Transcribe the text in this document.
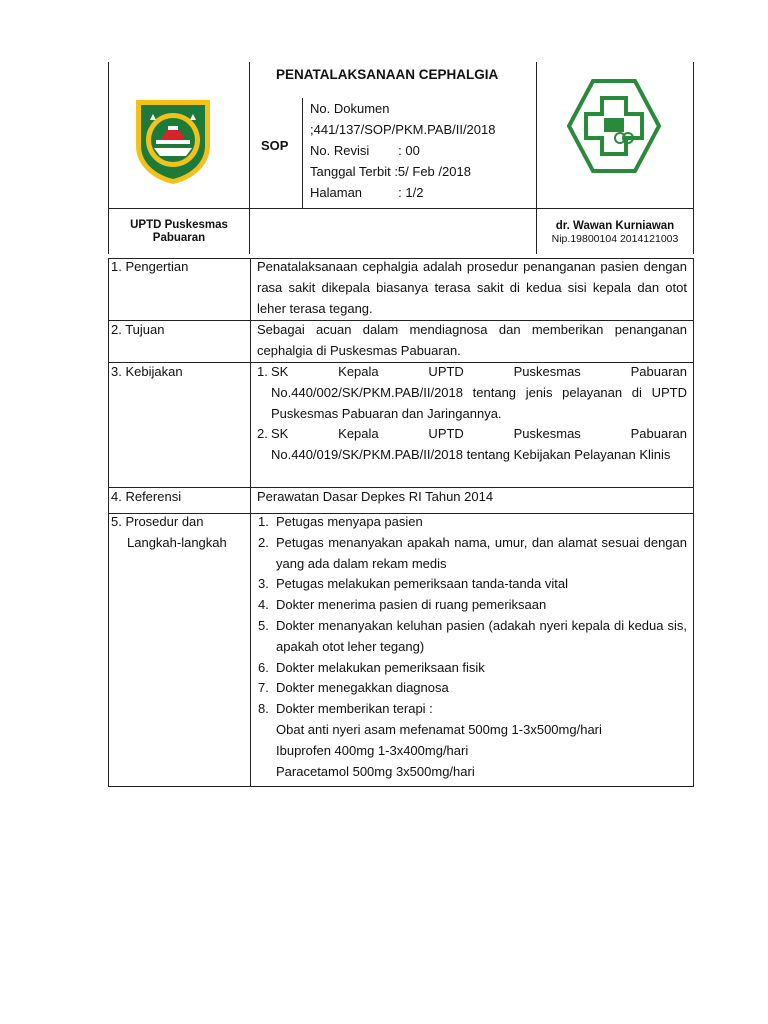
PENATALAKSANAAN CEPHALGIA
SOP
No. Dokumen
;441/137/SOP/PKM.PAB/II/2018
No. Revisi        : 00
Tanggal Terbit :5/ Feb /2018
Halaman          : 1/2
UPTD Puskesmas
Pabuaran
dr. Wawan Kurniawan
Nip.19800104 2014121003
1. Pengertian	Penatalaksanaan cephalgia adalah prosedur penanganan pasien dengan rasa sakit dikepala biasanya terasa sakit di kedua sisi kepala dan otot leher terasa tegang.
2. Tujuan	Sebagai acuan dalam mendiagnosa dan memberikan penanganan cephalgia di Puskesmas Pabuaran.
3. Kebijakan	1. SK Kepala UPTD Puskesmas Pabuaran No.440/002/SK/PKM.PAB/II/2018 tentang jenis pelayanan di UPTD Puskesmas Pabuaran dan Jaringannya.
2. SK Kepala UPTD Puskesmas Pabuaran No.440/019/SK/PKM.PAB/II/2018 tentang Kebijakan Pelayanan Klinis
4. Referensi	Perawatan Dasar Depkes RI Tahun 2014
5. Prosedur dan
Langkah-langkah
1. Petugas menyapa pasien
2. Petugas menanyakan apakah nama, umur, dan alamat sesuai dengan yang ada dalam rekam medis
3. Petugas melakukan pemeriksaan tanda-tanda vital
4. Dokter menerima pasien di ruang pemeriksaan
5. Dokter menanyakan keluhan pasien (adakah nyeri kepala di kedua sis, apakah otot leher tegang)
6. Dokter melakukan pemeriksaan fisik
7. Dokter menegakkan diagnosa
8. Dokter memberikan terapi :
Obat anti nyeri asam mefenamat 500mg 1-3x500mg/hari
Ibuprofen 400mg 1-3x400mg/hari
Paracetamol 500mg 3x500mg/hari
